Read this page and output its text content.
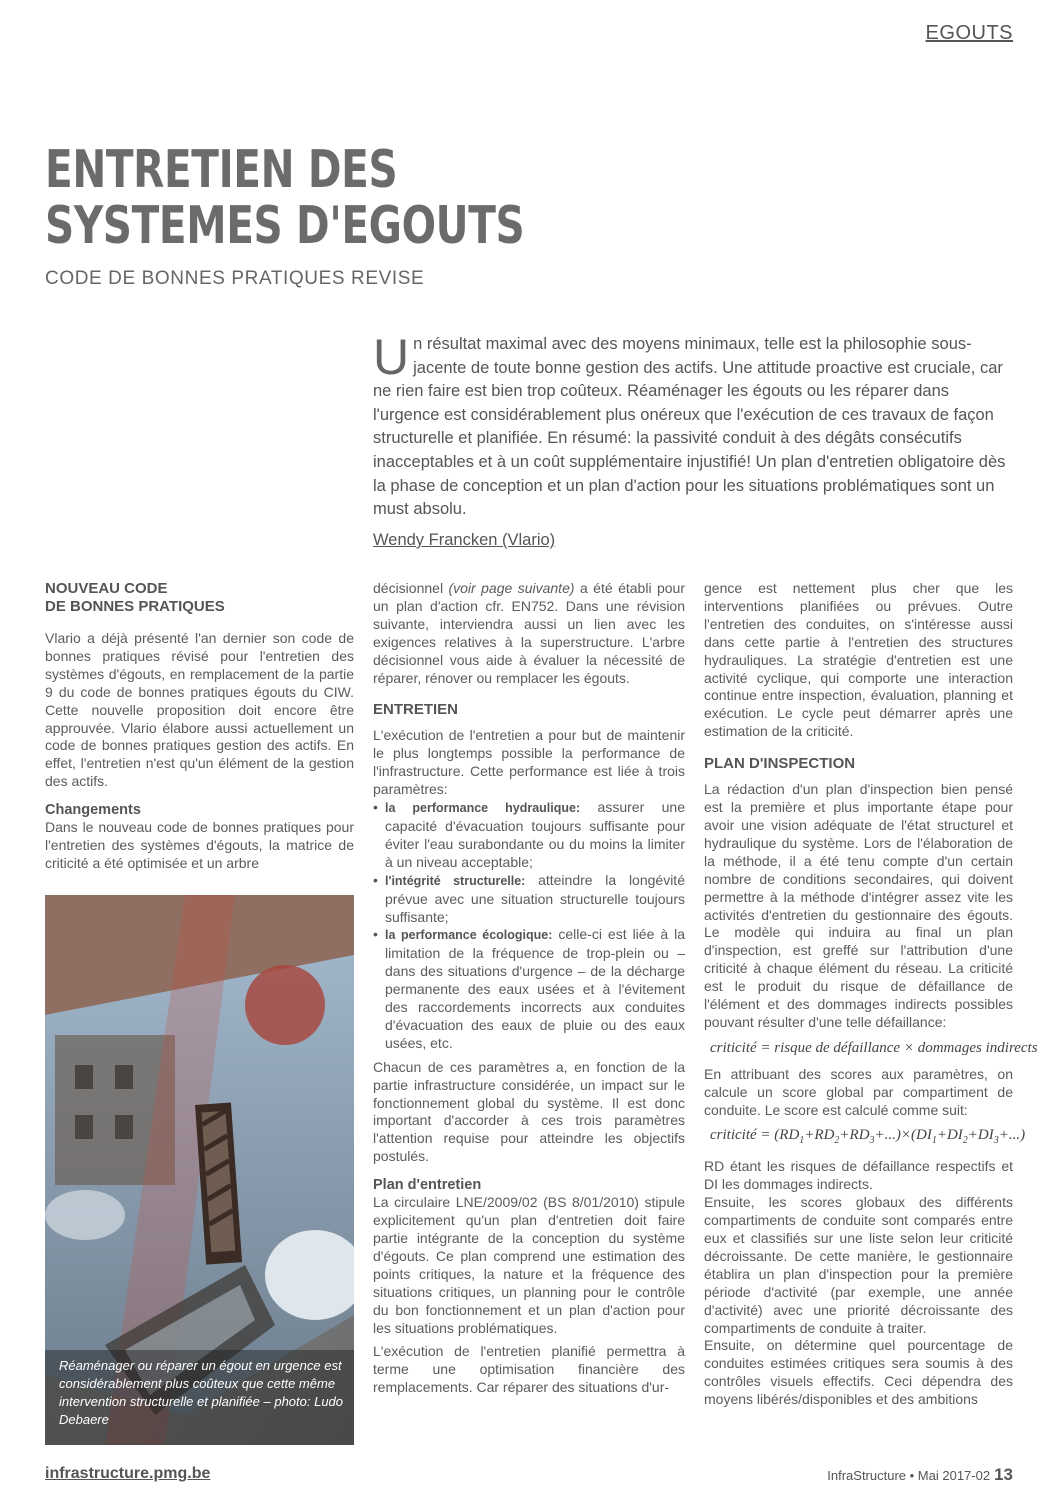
EGOUTS
ENTRETIEN DES
SYSTEMES D'EGOUTS
CODE DE BONNES PRATIQUES REVISE
Un résultat maximal avec des moyens minimaux, telle est la philosophie sous-jacente de toute bonne gestion des actifs. Une attitude proactive est cruciale, car ne rien faire est bien trop coûteux. Réaménager les égouts ou les réparer dans l'urgence est considérablement plus onéreux que l'exécution de ces travaux de façon structurelle et planifiée. En résumé: la passivité conduit à des dégâts consécutifs inacceptables et à un coût supplémentaire injustifié! Un plan d'entretien obligatoire dès la phase de conception et un plan d'action pour les situations problématiques sont un must absolu.
Wendy Francken (Vlario)
NOUVEAU CODE
DE BONNES PRATIQUES

Vlario a déjà présenté l'an dernier son code de bonnes pratiques révisé pour l'entretien des systèmes d'égouts, en remplacement de la partie 9 du code de bonnes pratiques égouts du CIW. Cette nouvelle proposition doit encore être approuvée. Vlario élabore aussi actuellement un code de bonnes pratiques gestion des actifs. En effet, l'entretien n'est qu'un élément de la gestion des actifs.

Changements

Dans le nouveau code de bonnes pratiques pour l'entretien des systèmes d'égouts, la matrice de criticité a été optimisée et un arbre

Réaménager ou réparer un égout en urgence est considérablement plus coûteux que cette même intervention structurelle et planifiée – photo: Ludo Debaere

décisionnel (voir page suivante) a été établi pour un plan d'action cfr. EN752. Dans une révision suivante, interviendra aussi un lien avec les exigences relatives à la superstructure. L'arbre décisionnel vous aide à évaluer la nécessité de réparer, rénover ou remplacer les égouts.

ENTRETIEN

L'exécution de l'entretien a pour but de maintenir le plus longtemps possible la performance de l'infrastructure. Cette performance est liée à trois paramètres:

• la performance hydraulique: assurer une capacité d'évacuation toujours suffisante pour éviter l'eau surabondante ou du moins la limiter à un niveau acceptable;
• l'intégrité structurelle: atteindre la longévité prévue avec une situation structurelle toujours suffisante;
• la performance écologique: celle-ci est liée à la limitation de la fréquence de trop-plein ou – dans des situations d'urgence – de la décharge permanente des eaux usées et à l'évitement des raccordements incorrects aux conduites d'évacuation des eaux de pluie ou des eaux usées, etc.

Chacun de ces paramètres a, en fonction de la partie infrastructure considérée, un impact sur le fonctionnement global du système. Il est donc important d'accorder à ces trois paramètres l'attention requise pour atteindre les objectifs postulés.

Plan d'entretien

La circulaire LNE/2009/02 (BS 8/01/2010) stipule explicitement qu'un plan d'entretien doit faire partie intégrante de la conception du système d'égouts. Ce plan comprend une estimation des points critiques, la nature et la fréquence des situations critiques, un planning pour le contrôle du bon fonctionnement et un plan d'action pour les situations problématiques.

L'exécution de l'entretien planifié permettra à terme une optimisation financière des remplacements. Car réparer des situations d'ur-

gence est nettement plus cher que les interventions planifiées ou prévues. Outre l'entretien des conduites, on s'intéresse aussi dans cette partie à l'entretien des structures hydrauliques. La stratégie d'entretien est une activité cyclique, qui comporte une interaction continue entre inspection, évaluation, planning et exécution. Le cycle peut démarrer après une estimation de la criticité.

PLAN D'INSPECTION

La rédaction d'un plan d'inspection bien pensé est la première et plus importante étape pour avoir une vision adéquate de l'état structurel et hydraulique du système. Lors de l'élaboration de la méthode, il a été tenu compte d'un certain nombre de conditions secondaires, qui doivent permettre à la méthode d'intégrer assez vite les activités d'entretien du gestionnaire des égouts. Le modèle qui induira au final un plan d'inspection, est greffé sur l'attribution d'une criticité à chaque élément du réseau. La criticité est le produit du risque de défaillance de l'élément et des dommages indirects possibles pouvant résulter d'une telle défaillance:

criticité = risque de défaillance × dommages indirects

En attribuant des scores aux paramètres, on calcule un score global par compartiment de conduite. Le score est calculé comme suit:

criticité = $(RD_1+RD_2+RD_3+...)\times(DI_1+DI_2+DI_3+...)$

RD étant les risques de défaillance respectifs et DI les dommages indirects.

Ensuite, les scores globaux des différents compartiments de conduite sont comparés entre eux et classifiés sur une liste selon leur criticité décroissante. De cette manière, le gestionnaire établira un plan d'inspection pour la première période d'activité (par exemple, une année d'activité) avec une priorité décroissante des compartiments de conduite à traiter.

Ensuite, on détermine quel pourcentage de conduites estimées critiques sera soumis à des contrôles visuels effectifs. Ceci dépendra des moyens libérés/disponibles et des ambitions

infrastructure.pmg.be	InfraStructure • Mai 2017-02 13
